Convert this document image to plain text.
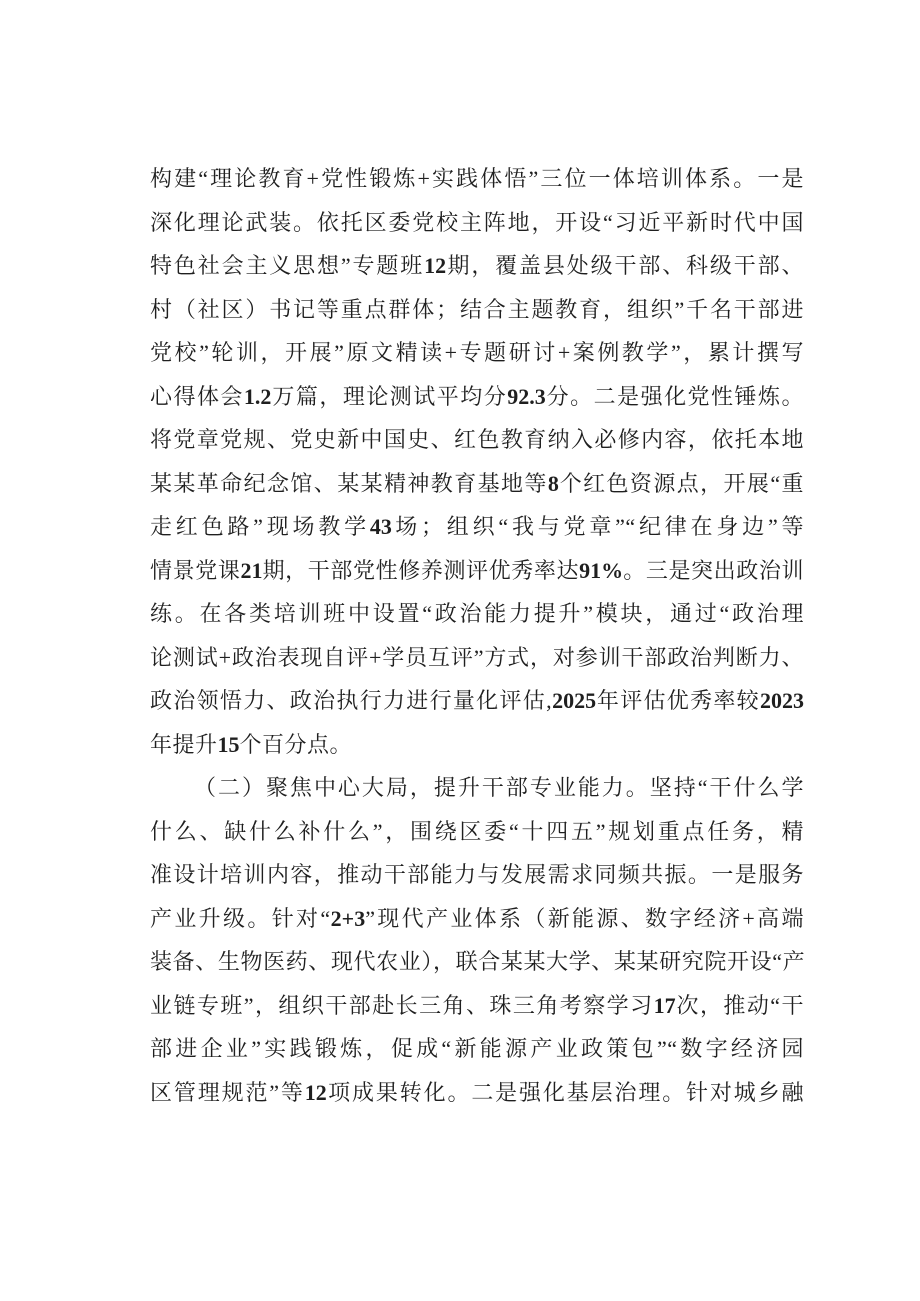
构建“理论教育+党性锻炼+实践体悟”三位一体培训体系。一是
深化理论武装。依托区委党校主阵地，开设“习近平新时代中国
特色社会主义思想”专题班12期，覆盖县处级干部、科级干部、
村（社区）书记等重点群体；结合主题教育，组织”千名干部进
党校”轮训，开展”原文精读+专题研讨+案例教学”，累计撰写
心得体会1.2万篇，理论测试平均分92.3分。二是强化党性锤炼。
将党章党规、党史新中国史、红色教育纳入必修内容，依托本地
某某革命纪念馆、某某精神教育基地等8个红色资源点，开展“重
走红色路”现场教学43场；组织“我与党章”“纪律在身边”等
情景党课21期，干部党性修养测评优秀率达91%。三是突出政治训
练。在各类培训班中设置“政治能力提升”模块，通过“政治理
论测试+政治表现自评+学员互评”方式，对参训干部政治判断力、
政治领悟力、政治执行力进行量化评估,2025年评估优秀率较2023
年提升15个百分点。
（二）聚焦中心大局，提升干部专业能力。坚持“干什么学
什么、缺什么补什么”，围绕区委“十四五”规划重点任务，精
准设计培训内容，推动干部能力与发展需求同频共振。一是服务
产业升级。针对“2+3”现代产业体系（新能源、数字经济+高端
装备、生物医药、现代农业），联合某某大学、某某研究院开设“产
业链专班”，组织干部赴长三角、珠三角考察学习17次，推动“干
部进企业”实践锻炼，促成“新能源产业政策包”“数字经济园
区管理规范”等12项成果转化。二是强化基层治理。针对城乡融
